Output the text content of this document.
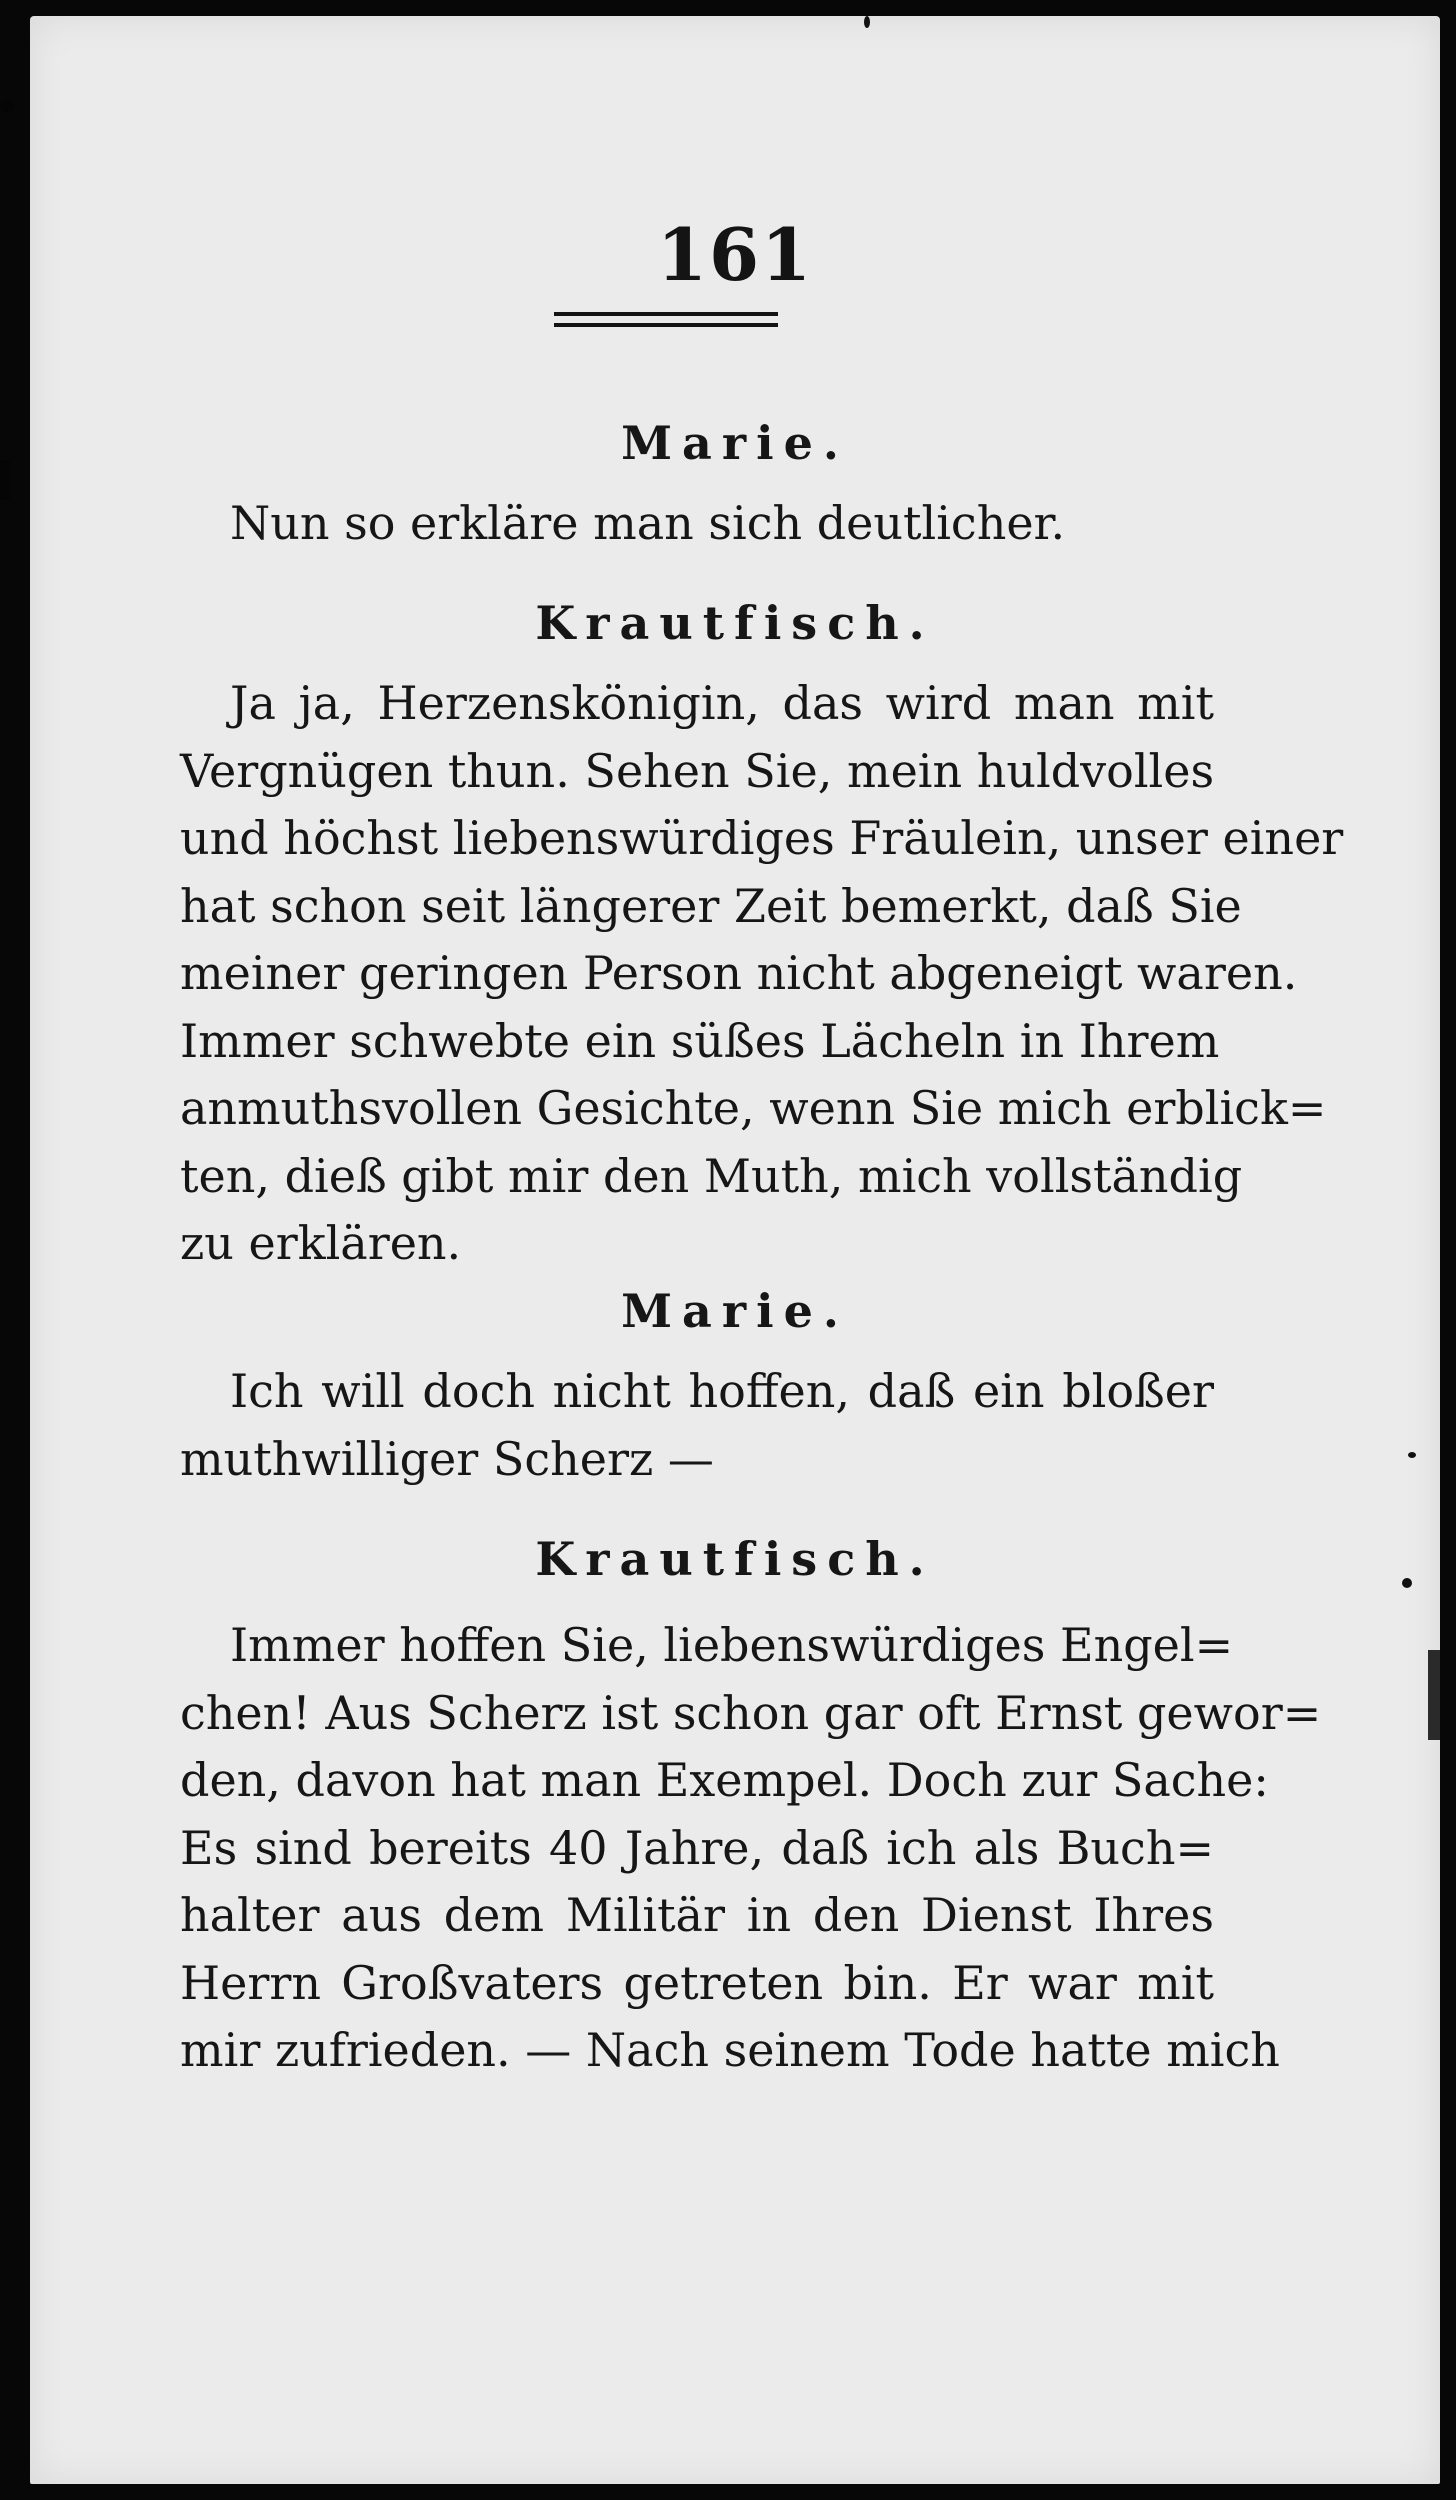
161
Marie.

Nun so erkläre man sich deutlicher.

Krautfisch.

Ja ja, Herzenskönigin, das wird man mit
Vergnügen thun. Sehen Sie, mein huldvolles
und höchst liebenswürdiges Fräulein, unser einer
hat schon seit längerer Zeit bemerkt, daß Sie
meiner geringen Person nicht abgeneigt waren.
Immer schwebte ein süßes Lächeln in Ihrem
anmuthsvollen Gesichte, wenn Sie mich erblick=
ten, dieß gibt mir den Muth, mich vollständig
zu erklären.

Marie.

Ich will doch nicht hoffen, daß ein bloßer
muthwilliger Scherz —

Krautfisch.

Immer hoffen Sie, liebenswürdiges Engel=
chen! Aus Scherz ist schon gar oft Ernst gewor=
den, davon hat man Exempel. Doch zur Sache:
Es sind bereits 40 Jahre, daß ich als Buch=
halter aus dem Militär in den Dienst Ihres
Herrn Großvaters getreten bin. Er war mit
mir zufrieden. — Nach seinem Tode hatte mich
